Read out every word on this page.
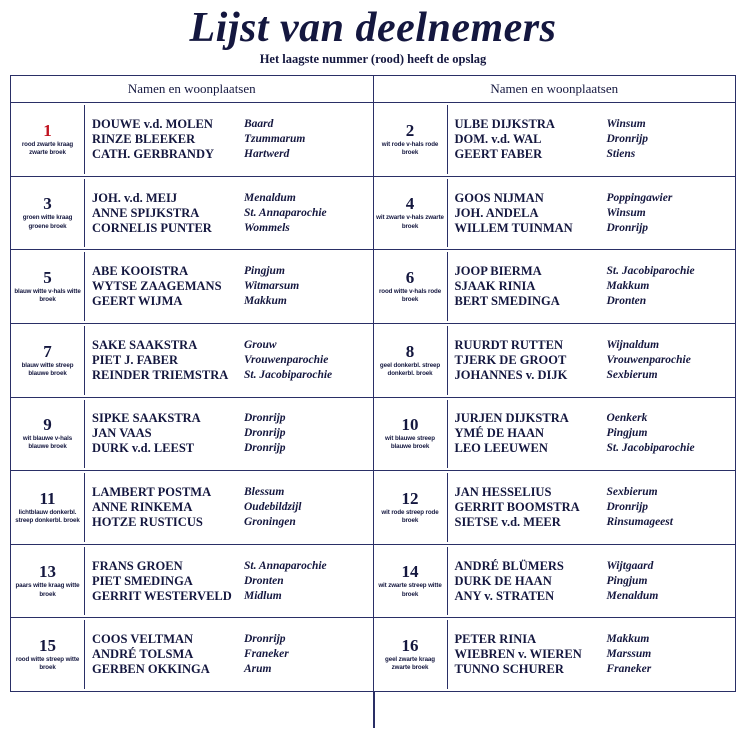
Lijst van deelnemers
Het laagste nummer (rood) heeft de opslag
Namen en woonplaatsen	Namen en woonplaatsen
1
rood zwarte kraag zwarte broek
DOUWE v.d. MOLEN
RINZE BLEEKER
CATH. GERBRANDY
Baard
Tzummarum
Hartwerd
3
groen witte kraag groene broek
JOH. v.d. MEIJ
ANNE SPIJKSTRA
CORNELIS PUNTER
Menaldum
St. Annaparochie
Wommels
5
blauw witte v-hals witte broek
ABE KOOISTRA
WYTSE ZAAGEMANS
GEERT WIJMA
Pingjum
Witmarsum
Makkum
7
blauw witte streep blauwe broek
SAKE SAAKSTRA
PIET J. FABER
REINDER TRIEMSTRA
Grouw
Vrouwenparochie
St. Jacobiparochie
9
wit blauwe v-hals blauwe broek
SIPKE SAAKSTRA
JAN VAAS
DURK v.d. LEEST
Dronrijp
Dronrijp
Dronrijp
11
lichtblauw donkerbl. streep donkerbl. broek
LAMBERT POSTMA
ANNE RINKEMA
HOTZE RUSTICUS
Blessum
Oudebildzijl
Groningen
13
paars witte kraag witte broek
FRANS GROEN
PIET SMEDINGA
GERRIT WESTERVELD
St. Annaparochie
Dronten
Midlum
15
rood witte streep witte broek
COOS VELTMAN
ANDRÉ TOLSMA
GERBEN OKKINGA
Dronrijp
Franeker
Arum
2
wit rode v-hals rode broek
ULBE DIJKSTRA
DOM. v.d. WAL
GEERT FABER
Winsum
Dronrijp
Stiens
4
wit zwarte v-hals zwarte broek
GOOS NIJMAN
JOH. ANDELA
WILLEM TUINMAN
Poppingawier
Winsum
Dronrijp
6
rood witte v-hals rode broek
JOOP BIERMA
SJAAK RINIA
BERT SMEDINGA
St. Jacobiparochie
Makkum
Dronten
8
geel donkerbl. streep donkerbl. broek
RUURDT RUTTEN
TJERK DE GROOT
JOHANNES v. DIJK
Wijnaldum
Vrouwenparochie
Sexbierum
10
wit blauwe streep blauwe broek
JURJEN DIJKSTRA
YMÉ DE HAAN
LEO LEEUWEN
Oenkerk
Pingjum
St. Jacobiparochie
12
wit rode streep rode broek
JAN HESSELIUS
GERRIT BOOMSTRA
SIETSE v.d. MEER
Sexbierum
Dronrijp
Rinsumageest
14
wit zwarte streep witte broek
ANDRÉ BLÜMERS
DURK DE HAAN
ANY v. STRATEN
Wijtgaard
Pingjum
Menaldum
16
geel zwarte kraag zwarte broek
PETER RINIA
WIEBREN v. WIEREN
TUNNO SCHURER
Makkum
Marssum
Franeker
